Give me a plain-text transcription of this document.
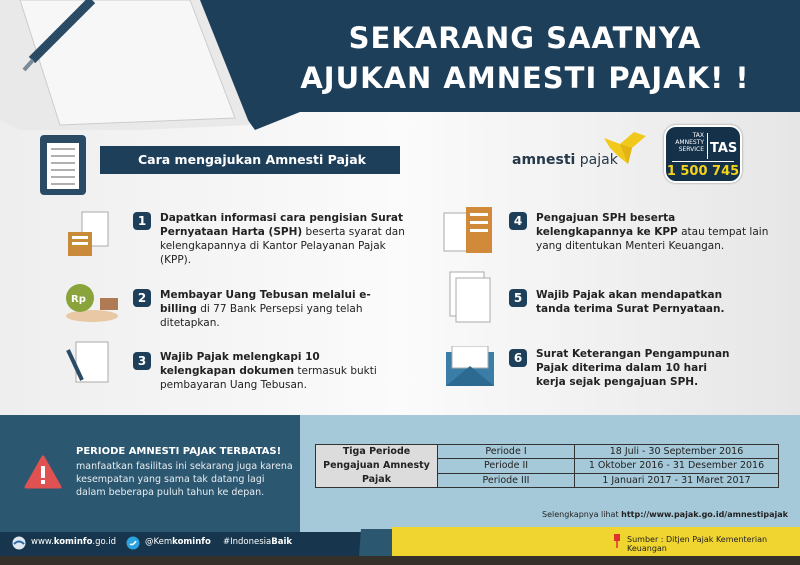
SEKARANG SAATNYA
AJUKAN AMNESTI PAJAK! !
Cara mengajukan Amnesti Pajak	amnesti pajak
TAX
AMNESTY
SERVICE TAS
1 500 745
Rp
1	Dapatkan informasi cara pengisian Surat Pernyataan Harta (SPH) beserta syarat dan kelengkapannya di Kantor Pelayanan Pajak (KPP).
2	Membayar Uang Tebusan melalui e-billing di 77 Bank Persepsi yang telah ditetapkan.
3	Wajib Pajak melengkapi 10 kelengkapan dokumen termasuk bukti pembayaran Uang Tebusan.
4	Pengajuan SPH beserta kelengkapannya ke KPP atau tempat lain yang ditentukan Menteri Keuangan.
5	Wajib Pajak akan mendapatkan tanda terima Surat Pernyataan.
6	Surat Keterangan Pengampunan Pajak diterima dalam 10 hari kerja sejak pengajuan SPH.
PERIODE AMNESTI PAJAK TERBATAS!
manfaatkan fasilitas ini sekarang juga karena kesempatan yang sama tak datang lagi dalam beberapa puluh tahun ke depan.
Tiga Periode Pengajuan Amnesty Pajak	Periode I	18 Juli - 30 September 2016
	Periode II	1 Oktober 2016 - 31 Desember 2016
	Periode III	1 Januari 2017 - 31 Maret 2017
Selengkapnya lihat http://www.pajak.go.id/amnestipajak
www.kominfo.go.id	@Kemkominfo #IndonesiaBaik	Sumber : Ditjen Pajak Kementerian Keuangan
